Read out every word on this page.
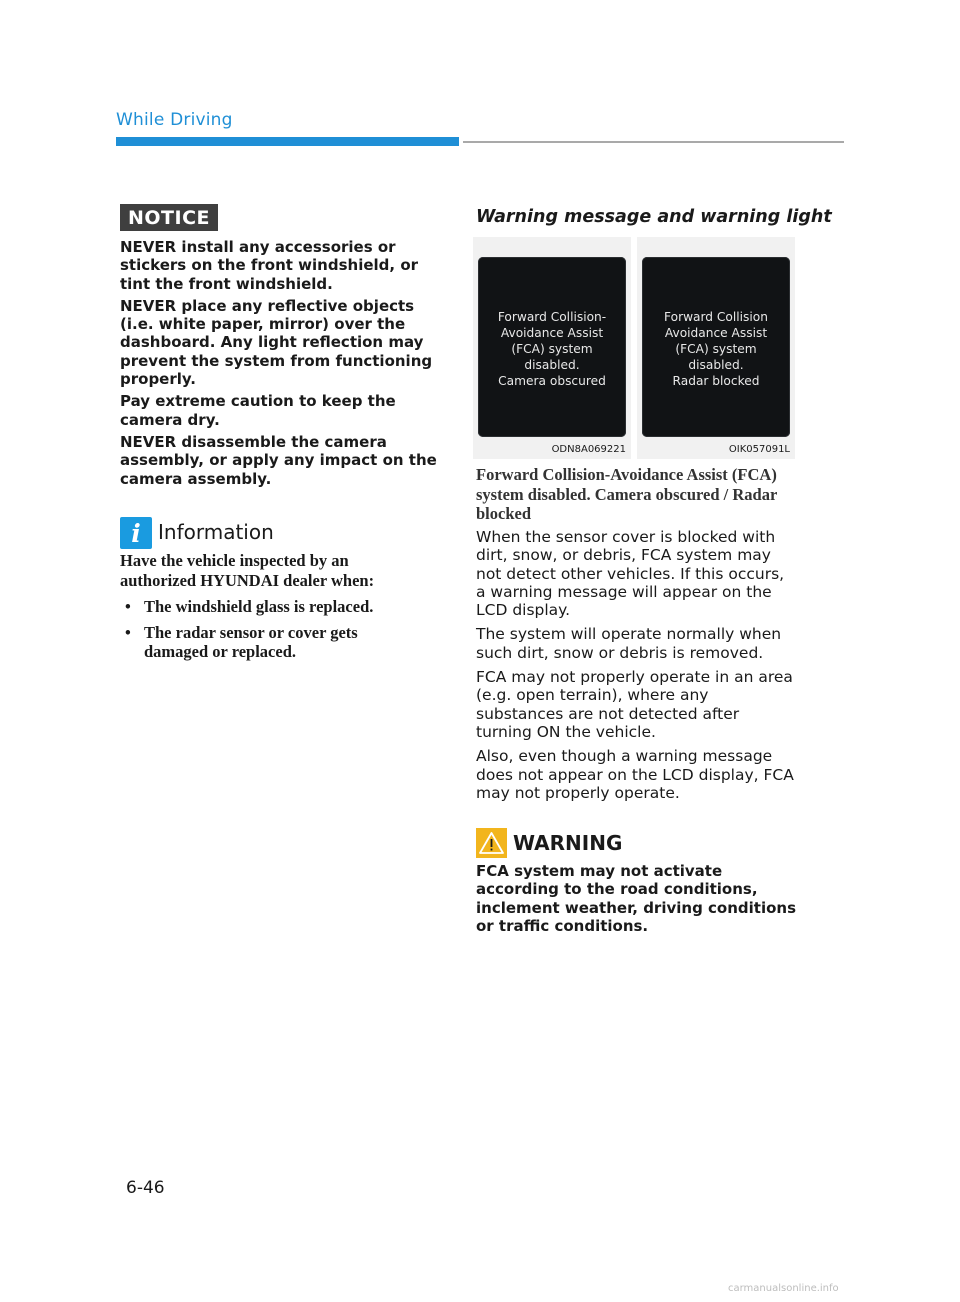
While Driving
NOTICE

NEVER install any accessories or stickers on the front windshield, or tint the front windshield.

NEVER place any reflective objects (i.e. white paper, mirror) over the dashboard. Any light reflection may prevent the system from functioning properly.

Pay extreme caution to keep the camera dry.

NEVER disassemble the camera assembly, or apply any impact on the camera assembly.

i Information

Have the vehicle inspected by an authorized HYUNDAI dealer when:

• The windshield glass is replaced.
• The radar sensor or cover gets damaged or replaced.
Warning message and warning light
Forward Collision-
Avoidance Assist
(FCA) system
disabled.
Camera obscured
ODN8A069221
Forward Collision
Avoidance Assist
(FCA) system
disabled.
Radar blocked
OIK057091L
Forward Collision-Avoidance Assist (FCA) system disabled. Camera obscured / Radar blocked

When the sensor cover is blocked with dirt, snow, or debris, FCA system may not detect other vehicles. If this occurs, a warning message will appear on the LCD display.

The system will operate normally when such dirt, snow or debris is removed.

FCA may not properly operate in an area (e.g. open terrain), where any substances are not detected after turning ON the vehicle.

Also, even though a warning message does not appear on the LCD display, FCA may not properly operate.

WARNING
FCA system may not activate according to the road conditions, inclement weather, driving conditions or traffic conditions.
6-46
carmanualsonline.info
